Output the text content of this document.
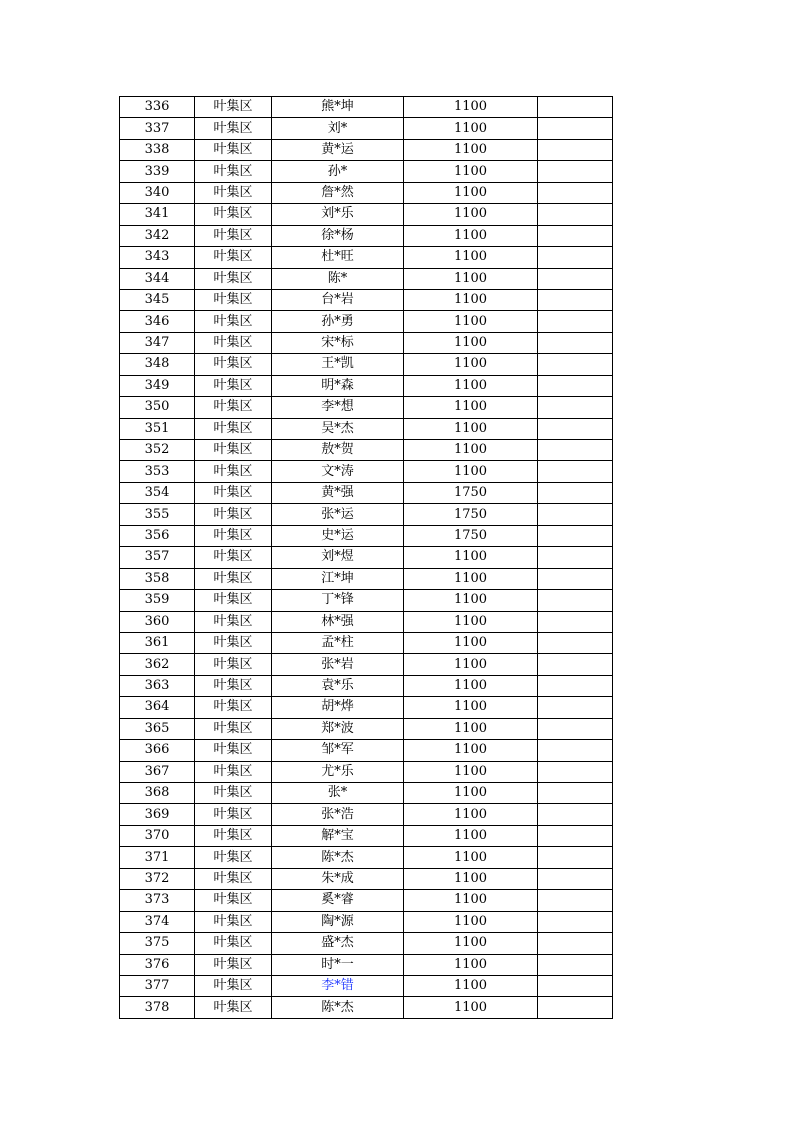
336	叶集区	熊*坤	1100	
337	叶集区	刘*	1100	
338	叶集区	黄*运	1100	
339	叶集区	孙*	1100	
340	叶集区	詹*然	1100	
341	叶集区	刘*乐	1100	
342	叶集区	徐*杨	1100	
343	叶集区	杜*旺	1100	
344	叶集区	陈*	1100	
345	叶集区	台*岩	1100	
346	叶集区	孙*勇	1100	
347	叶集区	宋*标	1100	
348	叶集区	王*凯	1100	
349	叶集区	明*森	1100	
350	叶集区	李*想	1100	
351	叶集区	吴*杰	1100	
352	叶集区	敖*贺	1100	
353	叶集区	文*涛	1100	
354	叶集区	黄*强	1750	
355	叶集区	张*运	1750	
356	叶集区	史*运	1750	
357	叶集区	刘*煜	1100	
358	叶集区	江*坤	1100	
359	叶集区	丁*锋	1100	
360	叶集区	林*强	1100	
361	叶集区	孟*柱	1100	
362	叶集区	张*岩	1100	
363	叶集区	袁*乐	1100	
364	叶集区	胡*烨	1100	
365	叶集区	郑*波	1100	
366	叶集区	邹*军	1100	
367	叶集区	尤*乐	1100	
368	叶集区	张*	1100	
369	叶集区	张*浩	1100	
370	叶集区	解*宝	1100	
371	叶集区	陈*杰	1100	
372	叶集区	朱*成	1100	
373	叶集区	奚*睿	1100	
374	叶集区	陶*源	1100	
375	叶集区	盛*杰	1100	
376	叶集区	时*一	1100	
377	叶集区	李*错	1100	
378	叶集区	陈*杰	1100	
